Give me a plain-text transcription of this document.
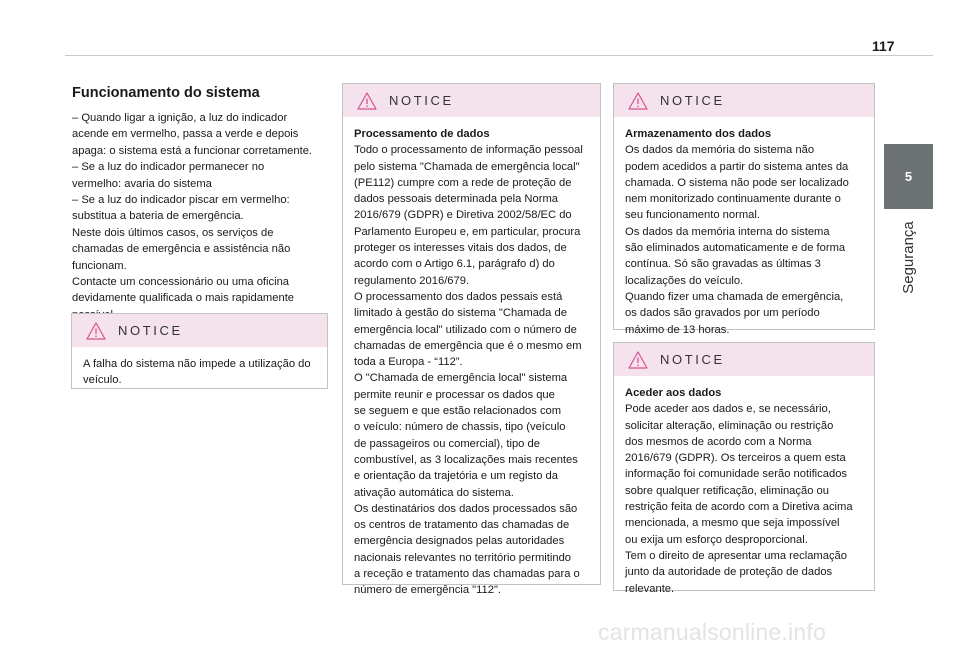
117
5
Segurança
Funcionamento do sistema
– Quando ligar a ignição, a luz do indicador
acende em vermelho, passa a verde e depois
apaga: o sistema está a funcionar corretamente.
– Se a luz do indicador permanecer no
vermelho: avaria do sistema
– Se a luz do indicador piscar em vermelho:
substitua a bateria de emergência.
Neste dois últimos casos, os serviços de
chamadas de emergência e assistência não
funcionam.
Contacte um concessionário ou uma oficina
devidamente qualificada o mais rapidamente
NOTICE
A falha do sistema não impede a utilização do
veículo.
NOTICE
Processamento de dados
Todo o processamento de informação pessoal
pelo sistema "Chamada de emergência local"
(PE112) cumpre com a rede de proteção de
dados pessoais determinada pela Norma
2016/679 (GDPR) e Diretiva 2002/58/EC do
Parlamento Europeu e, em particular, procura
proteger os interesses vitais dos dados, de
acordo com o Artigo 6.1, parágrafo d) do
regulamento 2016/679.
O processamento dos dados pessais está
limitado à gestão do sistema "Chamada de
emergência local" utilizado com o número de
chamadas de emergência que é o mesmo em
toda a Europa - “112”.
O "Chamada de emergência local" sistema
permite reunir e processar os dados que
se seguem e que estão relacionados com
o veículo: número de chassis, tipo (veículo
de passageiros ou comercial), tipo de
combustível, as 3 localizações mais recentes
e orientação da trajetória e um registo da
ativação automática do sistema.
Os destinatários dos dados processados são
os centros de tratamento das chamadas de
emergência designados pelas autoridades
nacionais relevantes no território permitindo
a receção e tratamento das chamadas para o
número de emergência "112".
NOTICE
Armazenamento dos dados
Os dados da memória do sistema não
podem acedidos a partir do sistema antes da
chamada. O sistema não pode ser localizado
nem monitorizado continuamente durante o
seu funcionamento normal.
Os dados da memória interna do sistema
são eliminados automaticamente e de forma
contínua. Só são gravadas as últimas 3
localizações do veículo.
Quando fizer uma chamada de emergência,
os dados são gravados por um período
máximo de 13 horas.
NOTICE
Aceder aos dados
Pode aceder aos dados e, se necessário,
solicitar alteração, eliminação ou restrição
dos mesmos de acordo com a Norma
2016/679 (GDPR). Os terceiros a quem esta
informação foi comunidade serão notificados
sobre qualquer retificação, eliminação ou
restrição feita de acordo com a Diretiva acima
mencionada, a mesmo que seja impossível
ou exija um esforço desproporcional.
Tem o direito de apresentar uma reclamação
junto da autoridade de proteção de dados
relevante.
carmanualsonline.info
